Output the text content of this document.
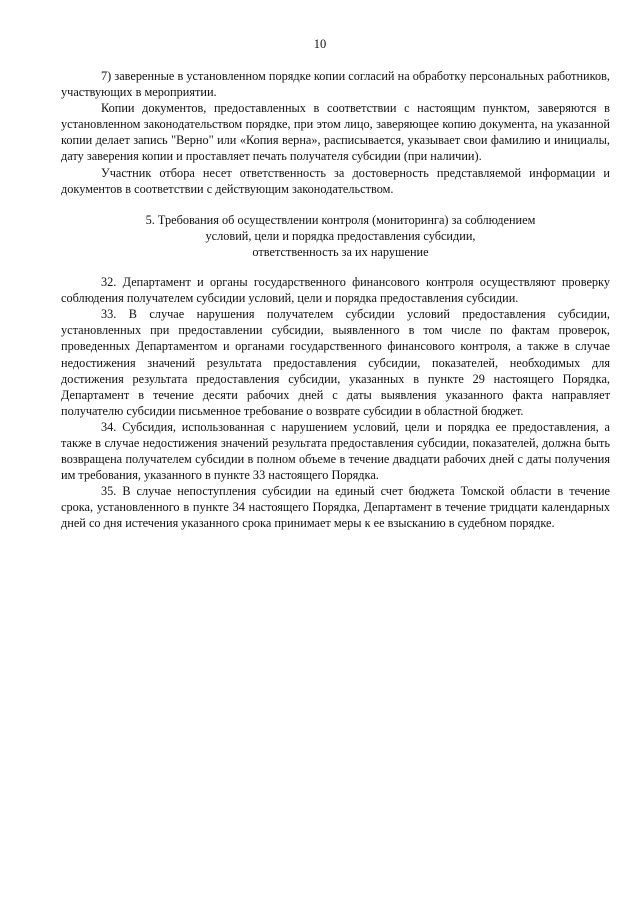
10

7) заверенные в установленном порядке копии согласий на обработку персональных работников, участвующих в мероприятии.

Копии документов, предоставленных в соответствии с настоящим пунктом, заверяются в установленном законодательством порядке, при этом лицо, заверяющее копию документа, на указанной копии делает запись "Верно" или «Копия верна», расписывается, указывает свои фамилию и инициалы, дату заверения копии и проставляет печать получателя субсидии (при наличии).

Участник отбора несет ответственность за достоверность представляемой информации и документов в соответствии с действующим законодательством.

5. Требования об осуществлении контроля (мониторинга) за соблюдением
условий, цели и порядка предоставления субсидии,
ответственность за их нарушение

32. Департамент и органы государственного финансового контроля осуществляют проверку соблюдения получателем субсидии условий, цели и порядка предоставления субсидии.

33. В случае нарушения получателем субсидии условий предоставления субсидии, установленных при предоставлении субсидии, выявленного в том числе по фактам проверок, проведенных Департаментом и органами государственного финансового контроля, а также в случае недостижения значений результата предоставления субсидии, показателей, необходимых для достижения результата предоставления субсидии, указанных в пункте 29 настоящего Порядка, Департамент в течение десяти рабочих дней с даты выявления указанного факта направляет получателю субсидии письменное требование о возврате субсидии в областной бюджет.

34. Субсидия, использованная с нарушением условий, цели и порядка ее предоставления, а также в случае недостижения значений результата предоставления субсидии, показателей, должна быть возвращена получателем субсидии в полном объеме в течение двадцати рабочих дней с даты получения им требования, указанного в пункте 33 настоящего Порядка.

35. В случае непоступления субсидии на единый счет бюджета Томской области в течение срока, установленного в пункте 34 настоящего Порядка, Департамент в течение тридцати календарных дней со дня истечения указанного срока принимает меры к ее взысканию в судебном порядке.
